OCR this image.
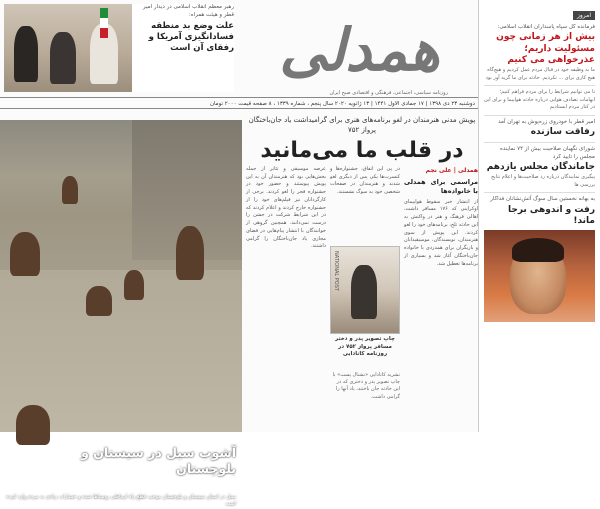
امروز
فرمانده کل سپاه پاسداران انقلاب اسلامی:
بیش از هر زمانی چون مسئولیت داریم؛ عذرخواهی می کنیم
ما به وظیفه خود در قبال مردم عمل کردیم و هیچ‌گاه هیچ کاری برای ... نکردیم. حادثه برای ما گریه آور بود
تا می توانیم شرایط را برای مردم فراهم کنیم؛ ابهامات تصادف هوایی درباره حادثه هواپیما و برای این در کنار مردم ایستادیم
امیر قطر با خودروی زره‌پوش به تهران آمد
رفاقت سازنده
شورای نگهبان صلاحیت بیش از ۷۴ نماینده مجلس را تایید کرد
جاماندگان مجلس یازدهم
پیگیری نمایندگان درباره رد صلاحیت‌ها و اعلام نتایج بررسی ها
به بهانه نخستین سال سوگ آتش‌نشانان فداکار
رفت و اندوهی برجا ماند!
همدلی
روزنامه سیاسی، اجتماعی، فرهنگی و اقتصادی صبح ایران
رهبر معظم انقلاب اسلامی در دیدار امیر قطر و هیئت همراه:
علت وضع بد منطقه فسادانگیزی آمریکا و رفقای آن است
دوشنبه ۲۳ دی ۱۳۹۸ | ۱۷ جمادی الاول ۱۴۴۱ | ۱۳ ژانویه ۲۰۲۰ سال پنجم ، شماره ۱۳۳۹ ، ۸ صفحه قیمت ۲۰۰۰ تومان
آشوب سیل در سیستان و بلوچستان
سیل در استان سیستان و بلوچستان موجب قطع راه ارتباطی روستاها شده و خسارات زیادی به مردم وارد کرده است
پویش مدنی هنرمندان در لغو برنامه‌های هنری برای گرامیداشت یاد جان‌باختگان پرواز ۷۵۲
در قلب ما می‌مانید
همدلی | علی نجم
مراسمی برای همدلی با خانواده‌ها
از انتشار خبر سقوط هواپیمای اوکراینی که ۱۷۶ مسافر داشت، اهالی فرهنگ و هنر در واکنش به این حادثه تلخ، برنامه‌های خود را لغو کردند. این پویش از سوی هنرمندان، نویسندگان، موسیقیدانان و بازیگران برای همدردی با خانواده جان‌باختگان آغاز شد و بسیاری از برنامه‌ها تعطیل شد.
در پی این اتفاق، جشنواره‌ها و کنسرت‌ها یکی پس از دیگری لغو شدند و هنرمندان در صفحات شخصی خود به سوگ نشستند.
NATIONAL POST
چاپ تصویر پدر و دختر مسافر پرواز ۷۵۲ در روزنامه کانادایی
نشریه کانادایی «نشنال پست» با چاپ تصویر پدر و دختری که در این حادثه جان باختند، یاد آنها را گرامی داشت.
عرصه موسیقی و تئاتر از جمله بخش‌هایی بود که هنرمندان آن به این پویش پیوستند و حضور خود در جشنواره فجر را لغو کردند. برخی از کارگردانان نیز فیلم‌های خود را از جشنواره خارج کردند و اعلام کردند که در این شرایط شرکت در جشن را درست نمی‌دانند. همچنین گروهی از خوانندگان با انتشار پیام‌هایی در فضای مجازی یاد جان‌باختگان را گرامی داشتند.
